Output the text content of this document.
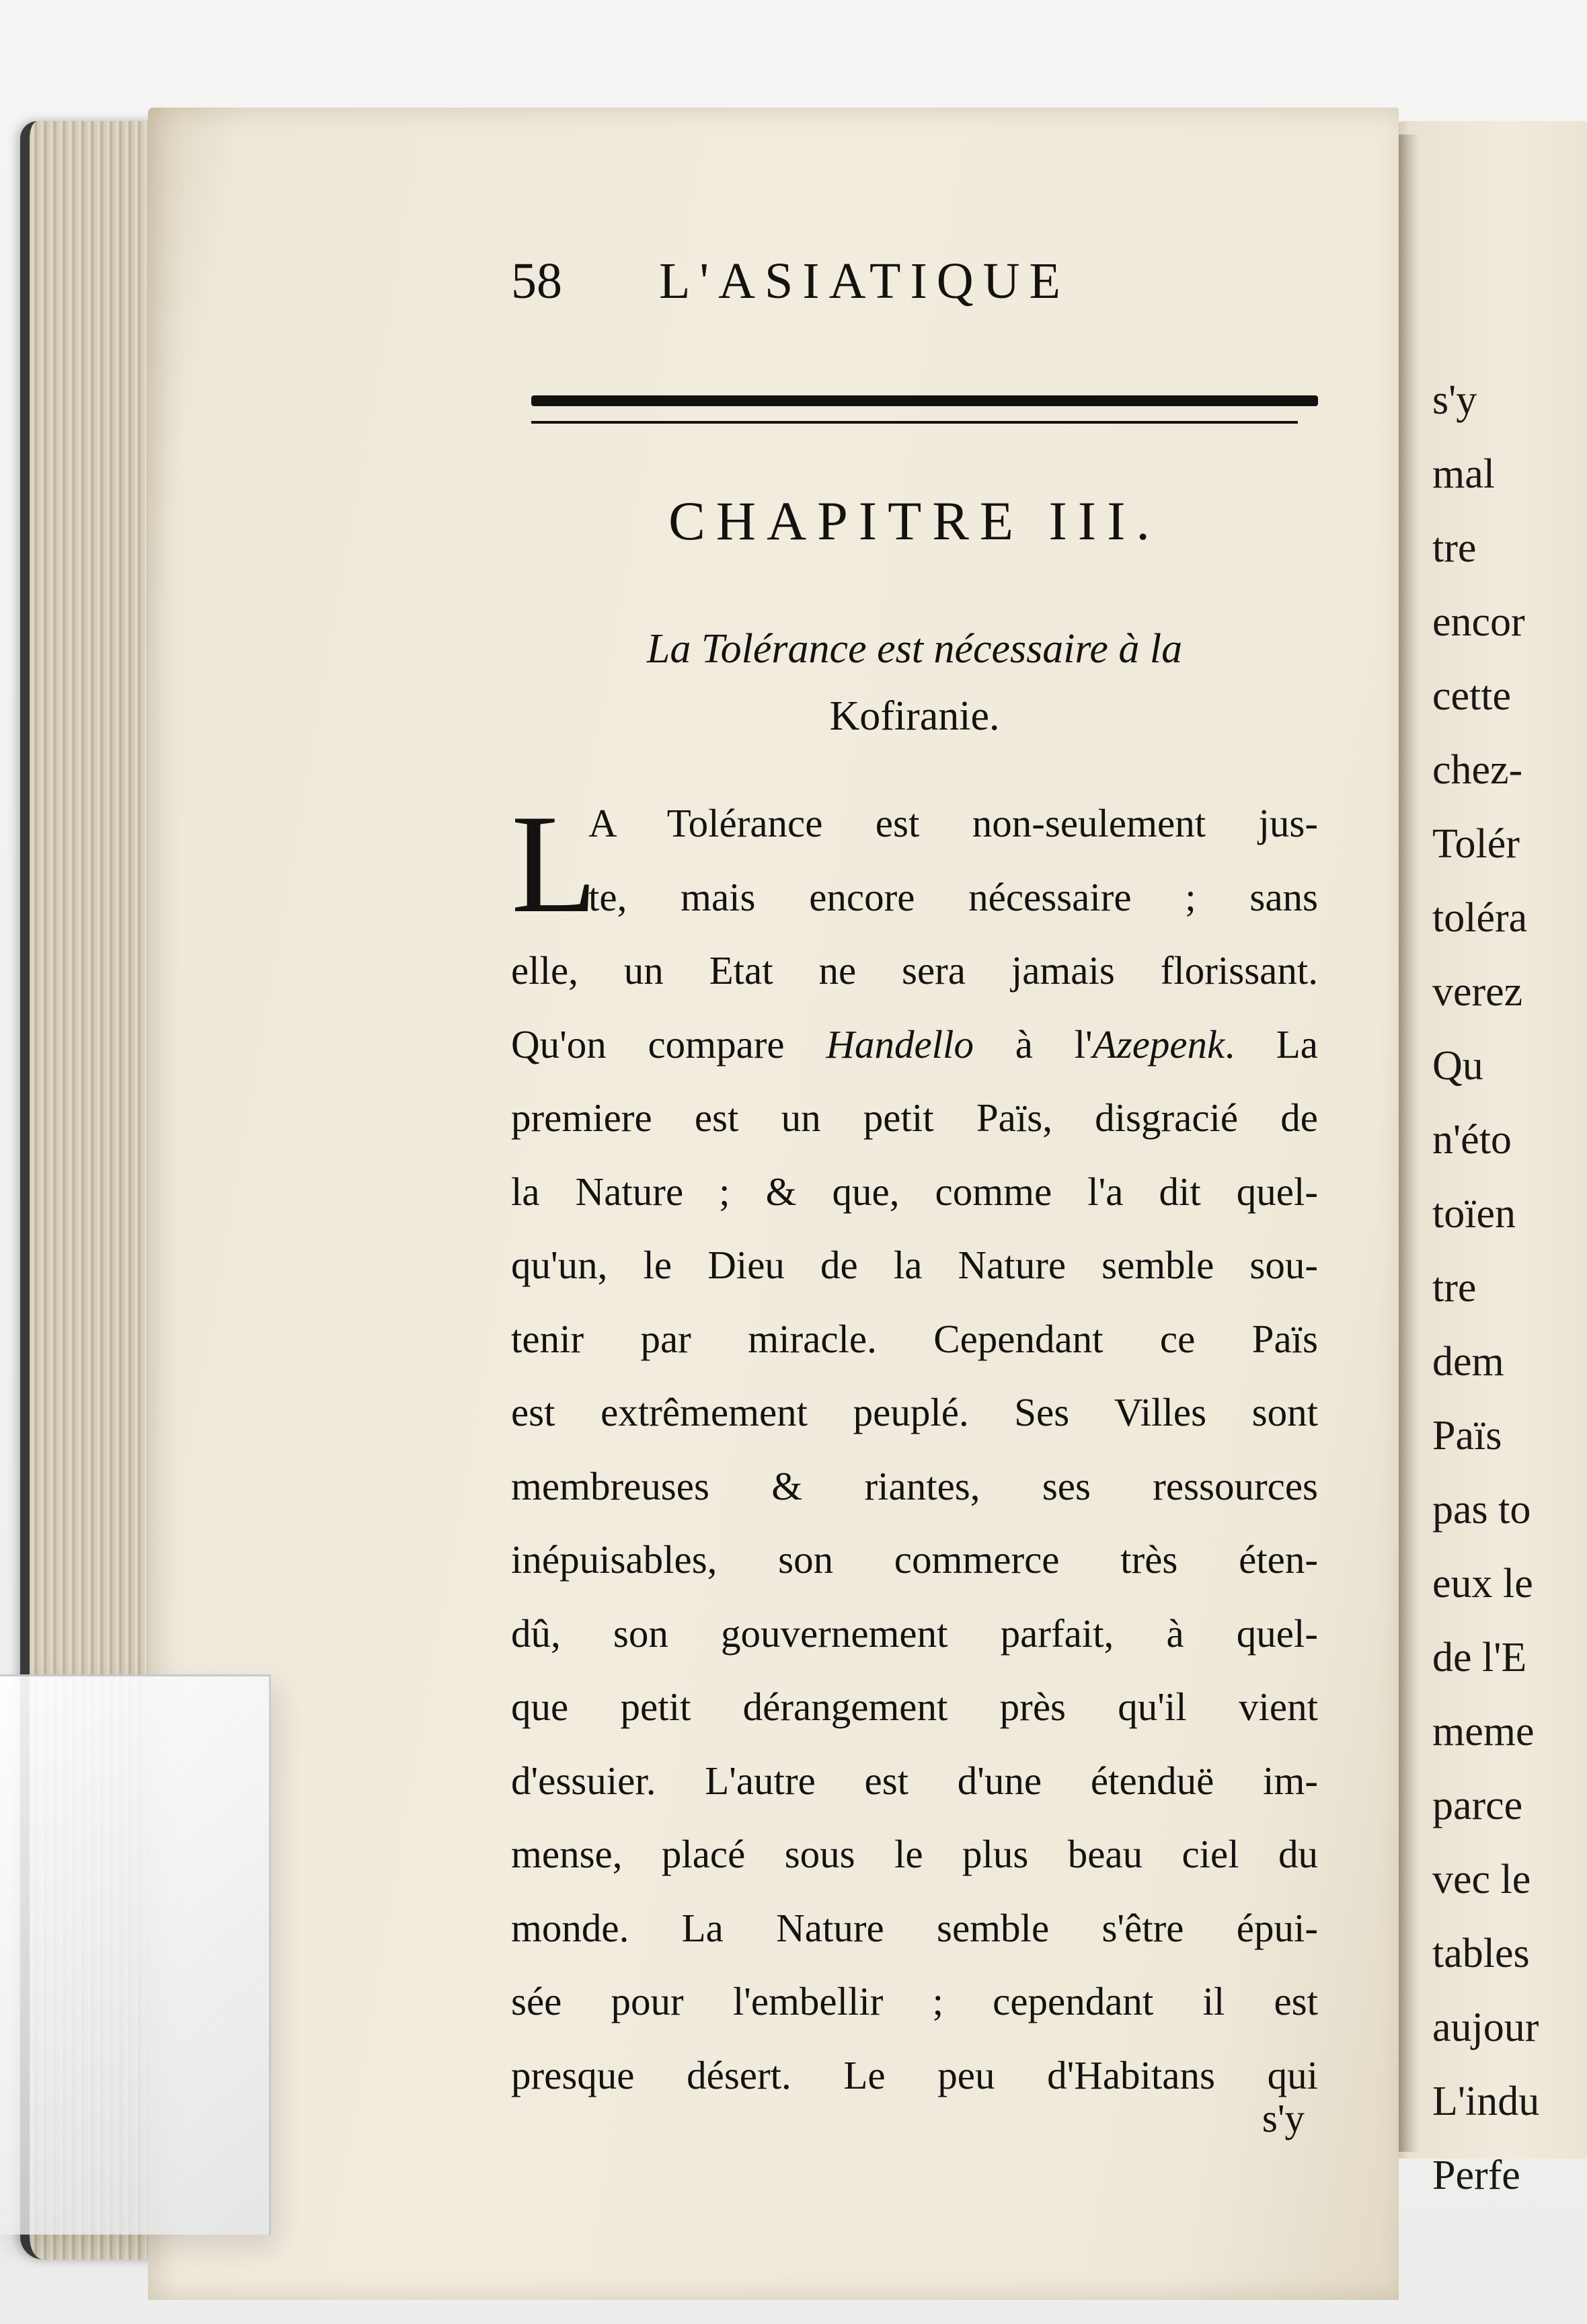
s'y
mal
tre
encor
cette
chez-
Tolér
toléra
verez
Qu
n'éto
toïen
tre
dem
Païs
pas to
eux le
de l'E
meme
parce
vec le
tables
aujour
L'indu
Perfe
58 L'ASIATIQUE
CHAPITRE III.
La Tolérance est nécessaire à la
Kofiranie.
L
A Tolérance est non-seulement jus-
te, mais encore nécessaire ; sans
elle, un Etat ne sera jamais florissant.
Qu'on compare Handello à l'Azepenk. La
premiere est un petit Païs, disgracié de
la Nature ; & que, comme l'a dit quel-
qu'un, le Dieu de la Nature semble sou-
tenir par miracle. Cependant ce Païs
est extrêmement peuplé. Ses Villes sont
membreuses & riantes, ses ressources
inépuisables, son commerce très éten-
dû, son gouvernement parfait, à quel-
que petit dérangement près qu'il vient
d'essuier. L'autre est d'une étenduë im-
mense, placé sous le plus beau ciel du
monde. La Nature semble s'être épui-
sée pour l'embellir ; cependant il est
presque désert. Le peu d'Habitans qui
s'y
